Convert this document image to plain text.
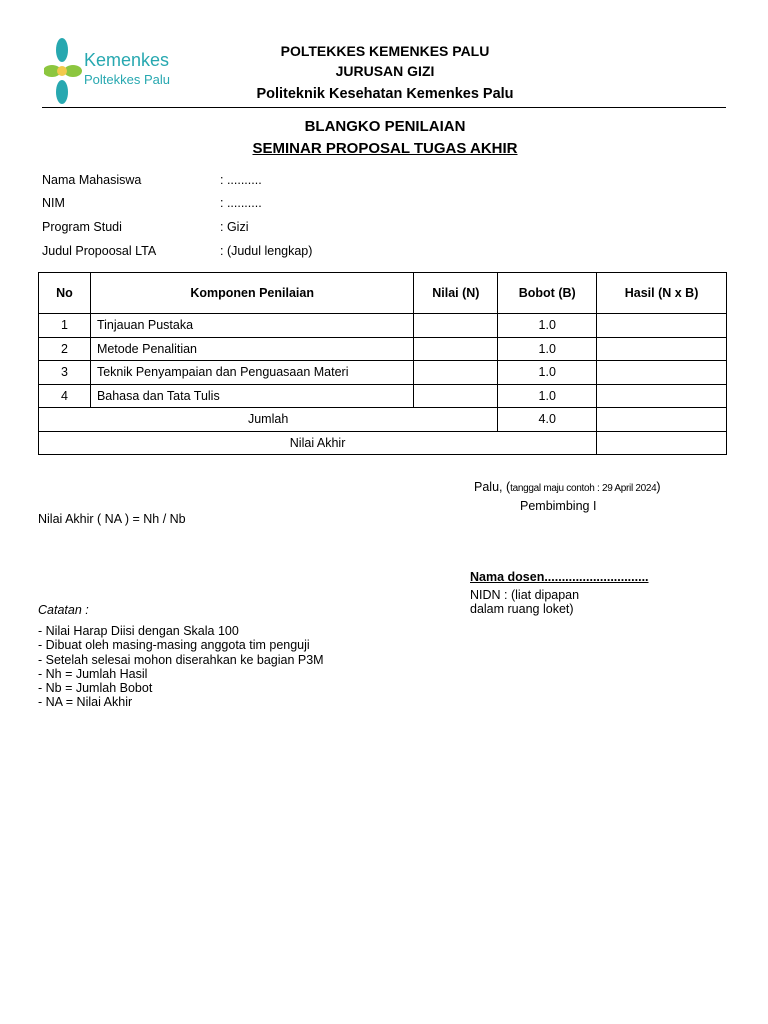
Kemenkes
Poltekkes Palu
POLTEKKES KEMENKES PALU
JURUSAN GIZI
Politeknik Kesehatan Kemenkes Palu
BLANGKO PENILAIAN
SEMINAR PROPOSAL TUGAS AKHIR
Nama Mahasiswa	: ..........
NIM	: ..........
Program Studi	: Gizi
Judul Propoosal LTA	: (Judul lengkap)
No	Komponen Penilaian	Nilai (N)	Bobot (B)	Hasil (N x B)
1	Tinjauan Pustaka		1.0	
2	Metode Penalitian		1.0	
3	Teknik Penyampaian dan Penguasaan Materi		1.0	
4	Bahasa dan Tata Tulis		1.0	
Jumlah			4.0	
Nilai Akhir				
Palu, (tanggal maju contoh : 29 April 2024)
Pembimbing I
Nilai Akhir ( NA ) = Nh / Nb
Nama dosen..............................
NIDN : (liat dipapan
dalam ruang loket)
Catatan :
- Nilai Harap Diisi dengan Skala 100
- Dibuat oleh masing-masing anggota tim penguji
- Setelah selesai mohon diserahkan ke bagian P3M
- Nh = Jumlah Hasil
- Nb = Jumlah Bobot
- NA = Nilai Akhir
